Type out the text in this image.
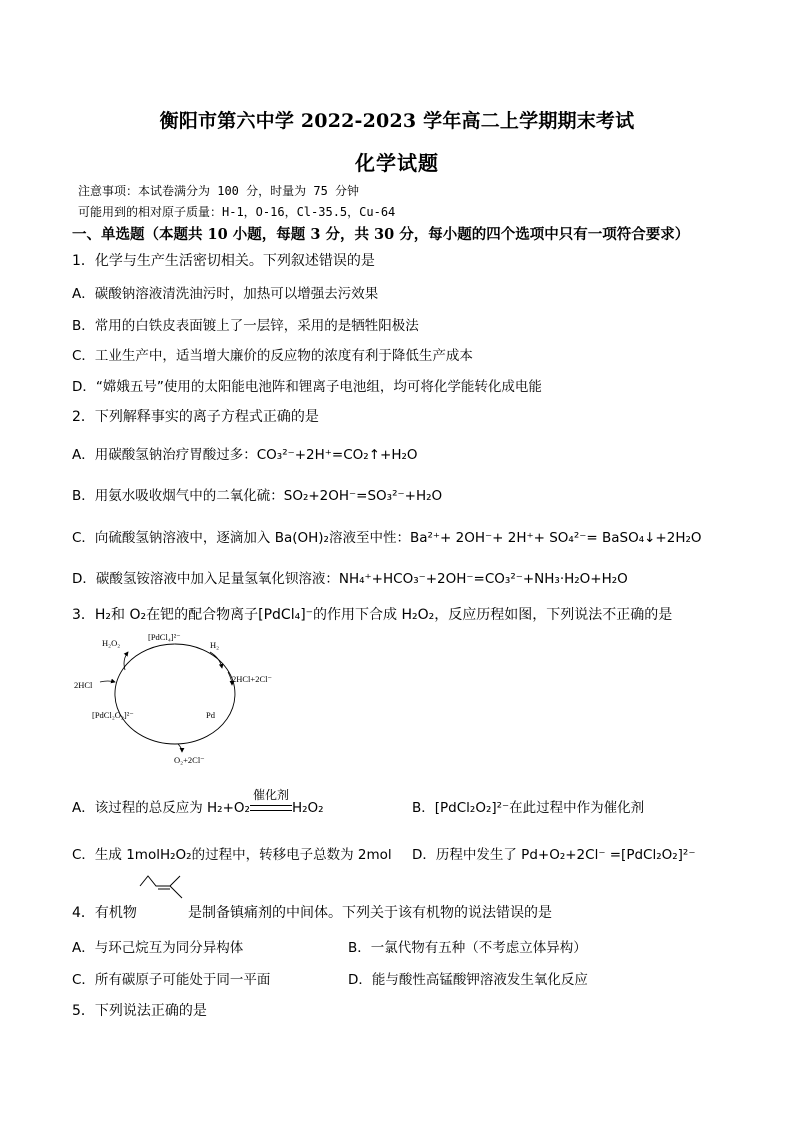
衡阳市第六中学 2022-2023 学年高二上学期期末考试
化学试题
注意事项：本试卷满分为 100 分，时量为 75 分钟
可能用到的相对原子质量：H-1，O-16，Cl-35.5，Cu-64
一、单选题（本题共 10 小题，每题 3 分，共 30 分，每小题的四个选项中只有一项符合要求）
1．化学与生产生活密切相关。下列叙述错误的是
A．碳酸钠溶液清洗油污时，加热可以增强去污效果
B．常用的白铁皮表面镀上了一层锌，采用的是牺牲阳极法
C．工业生产中，适当增大廉价的反应物的浓度有利于降低生产成本
D．“嫦娥五号”使用的太阳能电池阵和锂离子电池组，均可将化学能转化成电能
2．下列解释事实的离子方程式正确的是
A．用碳酸氢钠治疗胃酸过多：CO₃²⁻+2H⁺=CO₂↑+H₂O
B．用氨水吸收烟气中的二氧化硫：SO₂+2OH⁻=SO₃²⁻+H₂O
C．向硫酸氢钠溶液中，逐滴加入 Ba(OH)₂溶液至中性：Ba²⁺+ 2OH⁻+ 2H⁺+ SO₄²⁻= BaSO₄↓+2H₂O
D．碳酸氢铵溶液中加入足量氢氧化钡溶液：NH₄⁺+HCO₃⁻+2OH⁻=CO₃²⁻+NH₃·H₂O+H₂O
3．H₂和 O₂在钯的配合物离子[PdCl₄]⁻的作用下合成 H₂O₂，反应历程如图，下列说法不正确的是
H₂O₂
[PdCl₄]²⁻
H₂
2HCl+2Cl⁻
2HCl
[PdCl₂O₂]²⁻	Pd
O₂+2Cl⁻
A．该过程的总反应为 H₂+O₂
催化剂
H₂O₂	B．[PdCl₂O₂]²⁻在此过程中作为催化剂
C．生成 1molH₂O₂的过程中，转移电子总数为 2mol D．历程中发生了 Pd+O₂+2Cl⁻ =[PdCl₂O₂]²⁻
4．有机物	是制备镇痛剂的中间体。下列关于该有机物的说法错误的是
A．与环己烷互为同分异构体	B．一氯代物有五种（不考虑立体异构）
C．所有碳原子可能处于同一平面	D．能与酸性高锰酸钾溶液发生氧化反应
5．下列说法正确的是
